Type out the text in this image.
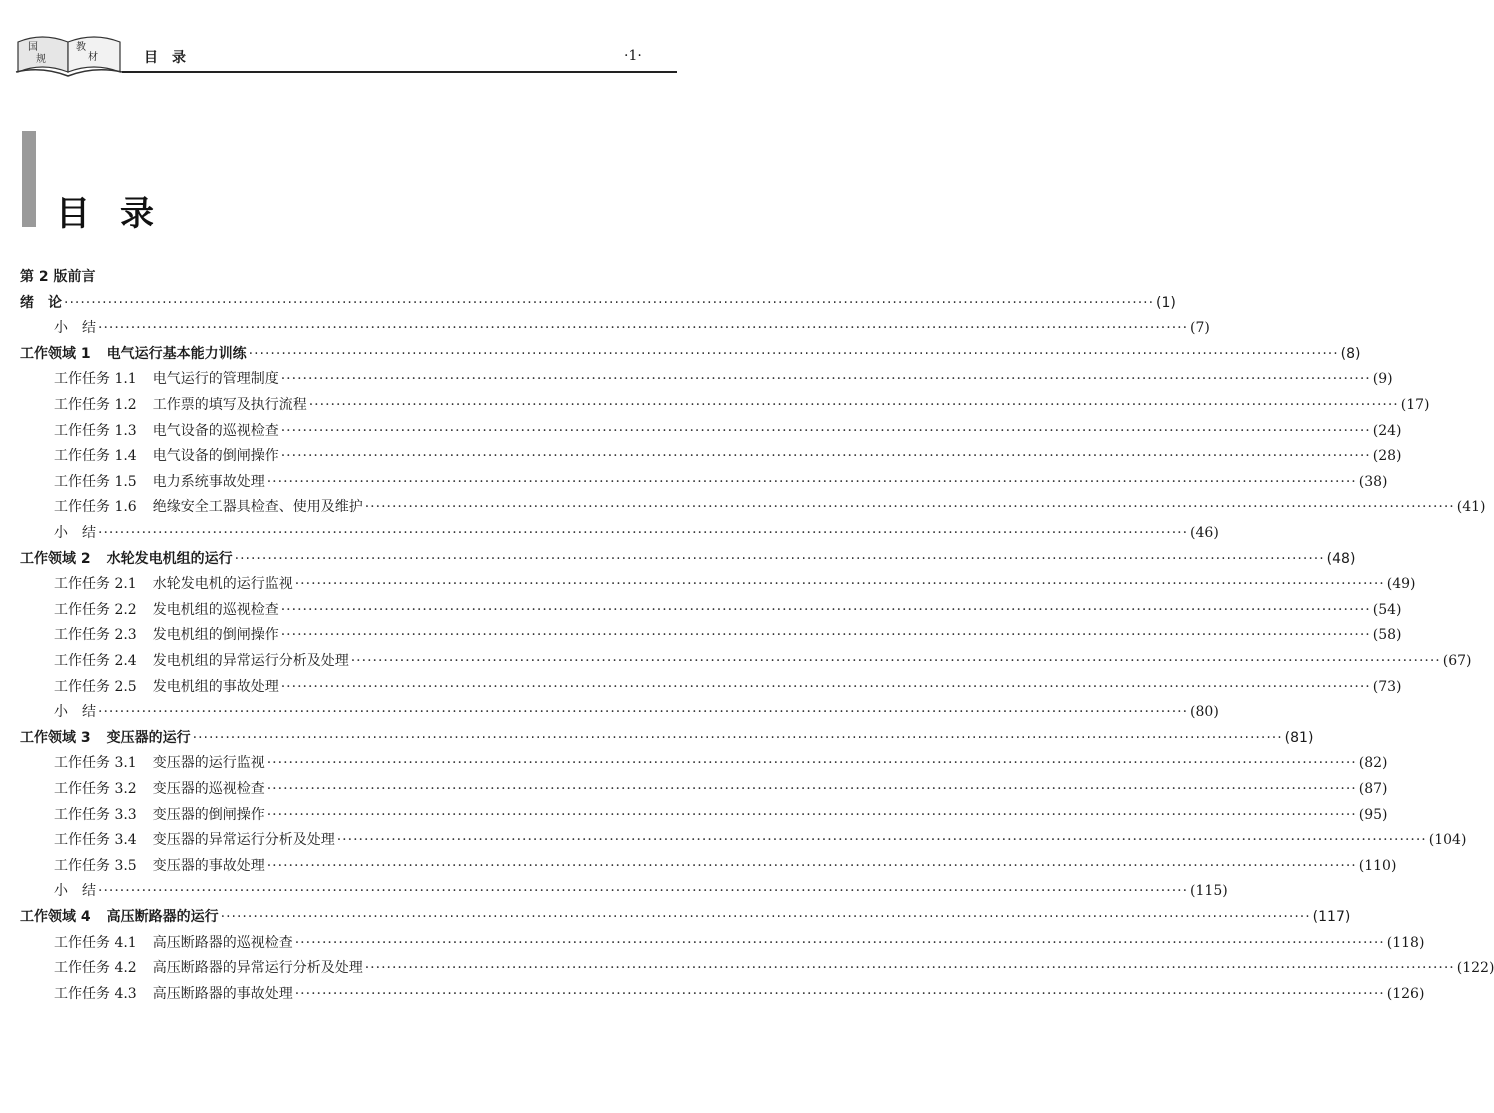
国
规
教
材	目录	·1·
目录
第 2 版前言
绪　论 ········································································································································································································ (1)
小　结 ········································································································································································································ (7)
工作领域 1 电气运行基本能力训练 ········································································································································································································ (8)
工作任务 1.1 电气运行的管理制度 ········································································································································································································ (9)
工作任务 1.2 工作票的填写及执行流程 ········································································································································································································ (17)
工作任务 1.3 电气设备的巡视检查 ········································································································································································································ (24)
工作任务 1.4 电气设备的倒闸操作 ········································································································································································································ (28)
工作任务 1.5 电力系统事故处理 ········································································································································································································ (38)
工作任务 1.6 绝缘安全工器具检查、使用及维护 ········································································································································································································ (41)
小　结 ········································································································································································································ (46)
工作领域 2 水轮发电机组的运行 ········································································································································································································ (48)
工作任务 2.1 水轮发电机的运行监视 ········································································································································································································ (49)
工作任务 2.2 发电机组的巡视检查 ········································································································································································································ (54)
工作任务 2.3 发电机组的倒闸操作 ········································································································································································································ (58)
工作任务 2.4 发电机组的异常运行分析及处理 ········································································································································································································ (67)
工作任务 2.5 发电机组的事故处理 ········································································································································································································ (73)
小　结 ········································································································································································································ (80)
工作领域 3 变压器的运行 ········································································································································································································ (81)
工作任务 3.1 变压器的运行监视 ········································································································································································································ (82)
工作任务 3.2 变压器的巡视检查 ········································································································································································································ (87)
工作任务 3.3 变压器的倒闸操作 ········································································································································································································ (95)
工作任务 3.4 变压器的异常运行分析及处理 ········································································································································································································ (104)
工作任务 3.5 变压器的事故处理 ········································································································································································································ (110)
小　结 ········································································································································································································ (115)
工作领域 4 高压断路器的运行 ········································································································································································································ (117)
工作任务 4.1 高压断路器的巡视检查 ········································································································································································································ (118)
工作任务 4.2 高压断路器的异常运行分析及处理 ········································································································································································································ (122)
工作任务 4.3 高压断路器的事故处理 ········································································································································································································ (126)
